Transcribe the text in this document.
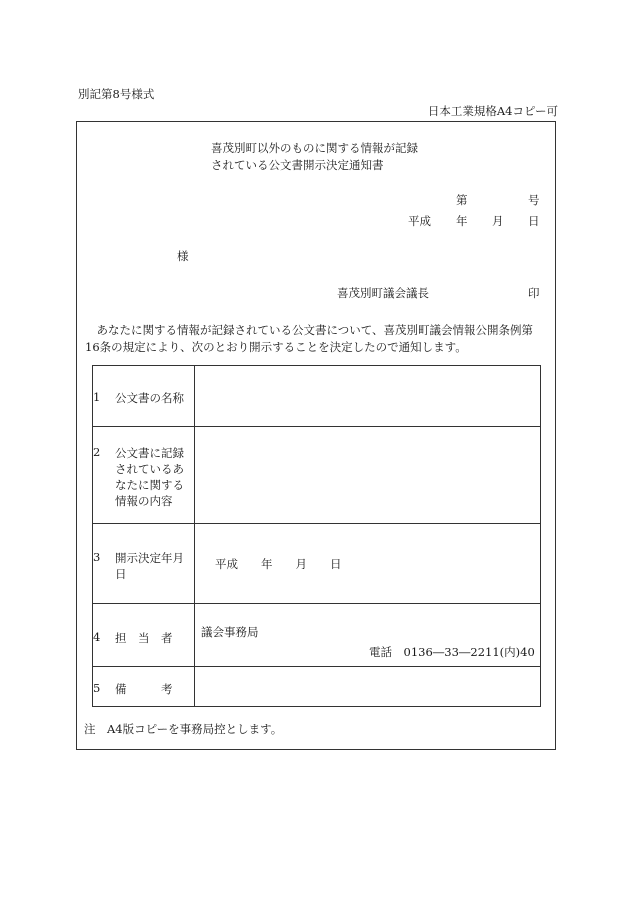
別記第8号様式
日本工業規格A4コピー可
喜茂別町以外のものに関する情報が記録
されている公文書開示決定通知書
第	号
平成 年 月 日
様
喜茂別町議会議長	印
　あなたに関する情報が記録されている公文書について、喜茂別町議会情報公開条例第
16条の規定により、次のとおり開示することを決定したので通知します。
1 公文書の名称	

2 公文書に記録
されているあ
なたに関する
情報の内容	

3 開示決定年月
日	平成　　年　　月　　日

4 担　当　者	議会事務局
電話　0136―33―2211(内)40

5 備　　　考	

注　A4版コピーを事務局控とします。
